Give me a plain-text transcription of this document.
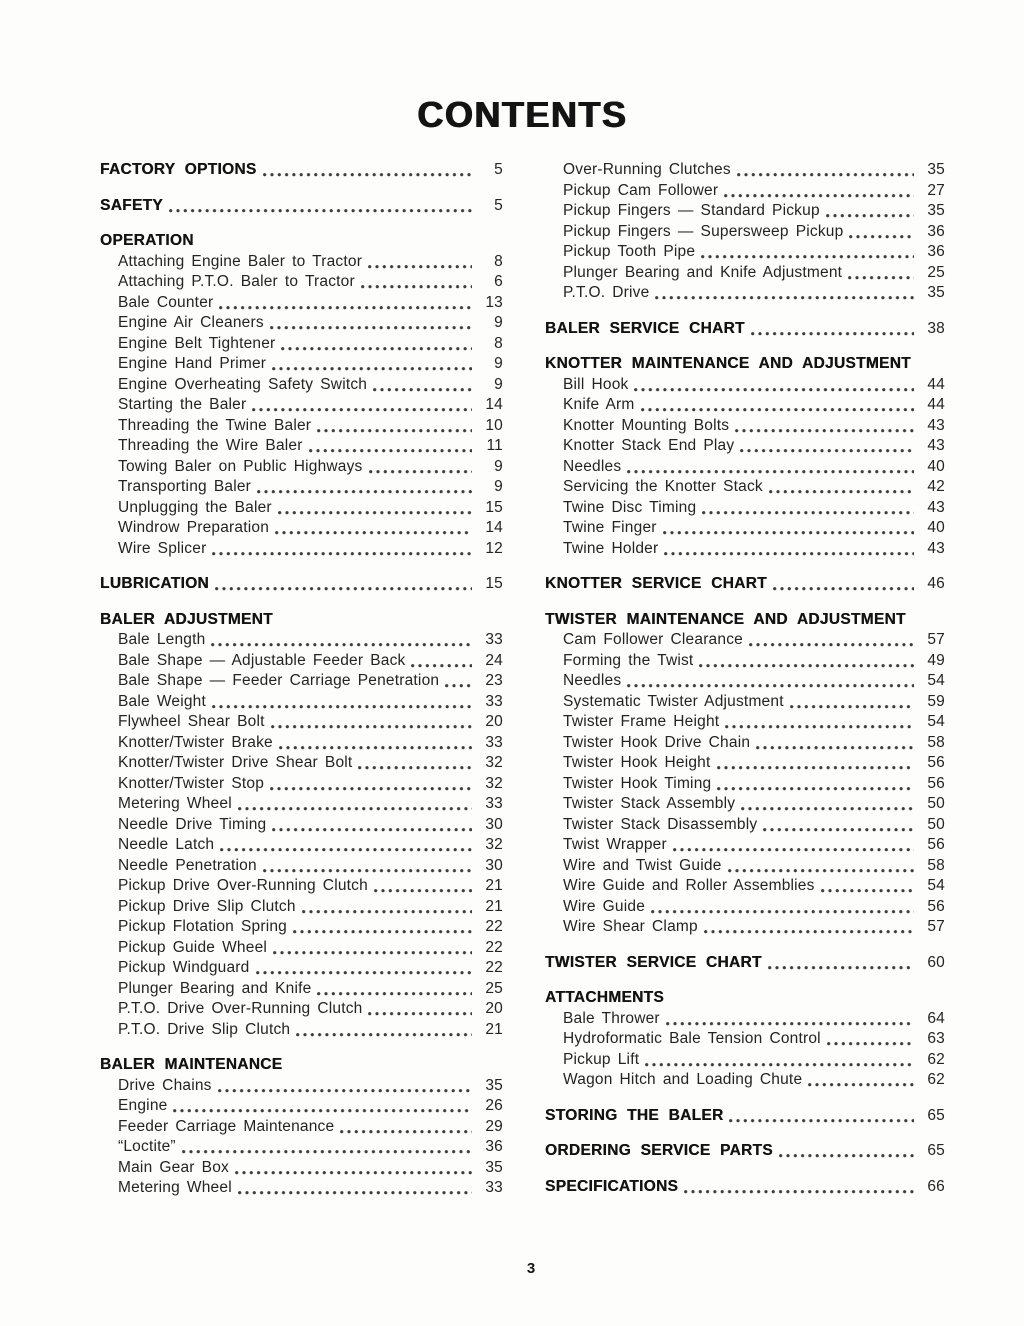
CONTENTS
FACTORY OPTIONS	5
SAFETY	5
OPERATION
Attaching Engine Baler to Tractor	8
Attaching P.T.O. Baler to Tractor	6
Bale Counter	13
Engine Air Cleaners	9
Engine Belt Tightener	8
Engine Hand Primer	9
Engine Overheating Safety Switch	9
Starting the Baler	14
Threading the Twine Baler	10
Threading the Wire Baler	11
Towing Baler on Public Highways	9
Transporting Baler	9
Unplugging the Baler	15
Windrow Preparation	14
Wire Splicer	12
LUBRICATION	15
BALER ADJUSTMENT
Bale Length	33
Bale Shape — Adjustable Feeder Back	24
Bale Shape — Feeder Carriage Penetration	23
Bale Weight	33
Flywheel Shear Bolt	20
Knotter/Twister Brake	33
Knotter/Twister Drive Shear Bolt	32
Knotter/Twister Stop	32
Metering Wheel	33
Needle Drive Timing	30
Needle Latch	32
Needle Penetration	30
Pickup Drive Over-Running Clutch	21
Pickup Drive Slip Clutch	21
Pickup Flotation Spring	22
Pickup Guide Wheel	22
Pickup Windguard	22
Plunger Bearing and Knife	25
P.T.O. Drive Over-Running Clutch	20
P.T.O. Drive Slip Clutch	21
BALER MAINTENANCE
Drive Chains	35
Engine	26
Feeder Carriage Maintenance	29
“Loctite”	36
Main Gear Box	35
Metering Wheel	33
Over-Running Clutches	35
Pickup Cam Follower	27
Pickup Fingers — Standard Pickup	35
Pickup Fingers — Supersweep Pickup	36
Pickup Tooth Pipe	36
Plunger Bearing and Knife Adjustment	25
P.T.O. Drive	35
BALER SERVICE CHART	38
KNOTTER MAINTENANCE AND ADJUSTMENT
Bill Hook	44
Knife Arm	44
Knotter Mounting Bolts	43
Knotter Stack End Play	43
Needles	40
Servicing the Knotter Stack	42
Twine Disc Timing	43
Twine Finger	40
Twine Holder	43
KNOTTER SERVICE CHART	46
TWISTER MAINTENANCE AND ADJUSTMENT
Cam Follower Clearance	57
Forming the Twist	49
Needles	54
Systematic Twister Adjustment	59
Twister Frame Height	54
Twister Hook Drive Chain	58
Twister Hook Height	56
Twister Hook Timing	56
Twister Stack Assembly	50
Twister Stack Disassembly	50
Twist Wrapper	56
Wire and Twist Guide	58
Wire Guide and Roller Assemblies	54
Wire Guide	56
Wire Shear Clamp	57
TWISTER SERVICE CHART	60
ATTACHMENTS
Bale Thrower	64
Hydroformatic Bale Tension Control	63
Pickup Lift	62
Wagon Hitch and Loading Chute	62
STORING THE BALER	65
ORDERING SERVICE PARTS	65
SPECIFICATIONS	66
3
